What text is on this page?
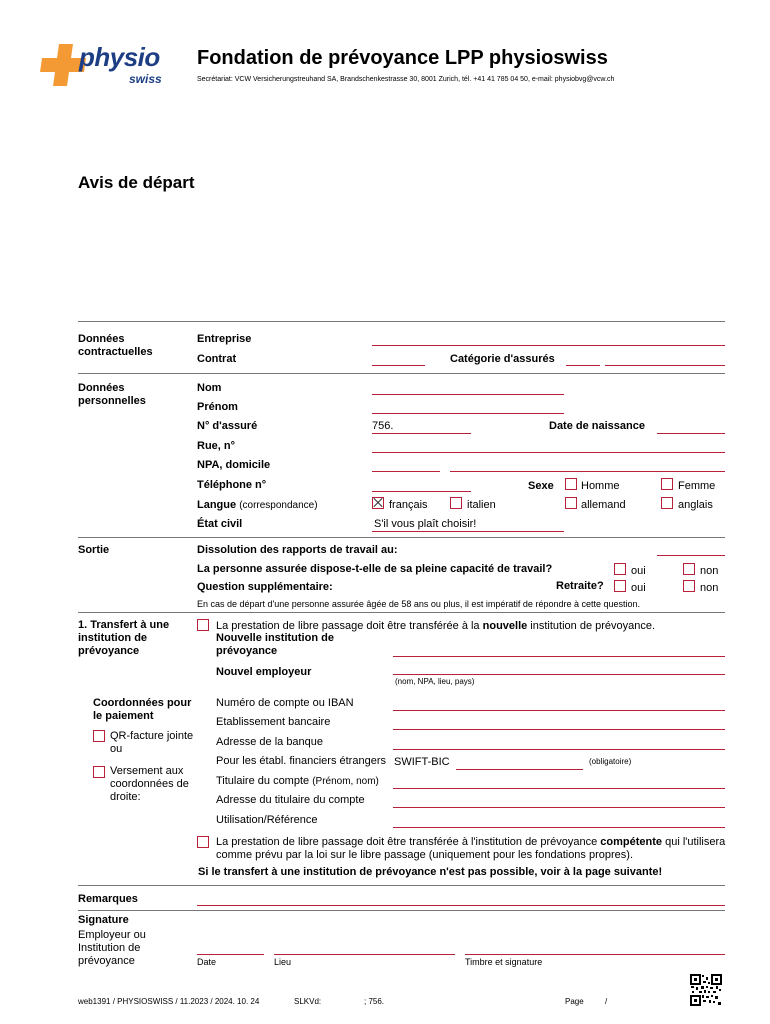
physio
swiss
Fondation de prévoyance LPP physioswiss
Secrétariat: VCW Versicherungstreuhand SA, Brandschenkestrasse 30, 8001 Zurich, tél. +41 41 785 04 50, e-mail: physiobvg@vcw.ch
Avis de départ
Données contractuelles
Entreprise
Contrat	Catégorie d'assurés
Données personnelles
Nom
Prénom
N° d'assuré	756.	Date de naissance
Rue, n°
NPA, domicile
Téléphone n°	Sexe Homme	Femme
Langue (correspondance)	français	italien	allemand	anglais
État civil	S'il vous plaît choisir!
Sortie	Dissolution des rapports de travail au:
La personne assurée dispose-t-elle de sa pleine capacité de travail?	oui	non
Question supplémentaire:	Retraite? oui	non
En cas de départ d'une personne assurée âgée de 58 ans ou plus, il est impératif de répondre à cette question.
1. Transfert à une institution de prévoyance
La prestation de libre passage doit être transférée à la nouvelle institution de prévoyance.
Nouvelle institution de prévoyance
Nouvel employeur
(nom, NPA, lieu, pays)
Coordonnées pour le paiement
QR-facture jointe ou
Versement aux coordonnées de droite:
Numéro de compte ou IBAN
Etablissement bancaire
Adresse de la banque
Pour les établ. financiers étrangers SWIFT-BIC	(obligatoire)
Titulaire du compte (Prénom, nom)
Adresse du titulaire du compte
Utilisation/Référence
La prestation de libre passage doit être transférée à l'institution de prévoyance compétente qui l'utilisera comme prévu par la loi sur le libre passage (uniquement pour les fondations propres).
Si le transfert à une institution de prévoyance n'est pas possible, voir à la page suivante!
Remarques
Signature
Employeur ou Institution de prévoyance	Date	Lieu	Timbre et signature
web1391 / PHYSIOSWISS / 11.2023 / 2024. 10. 24	SLKVd:	; 756.	Page	/
